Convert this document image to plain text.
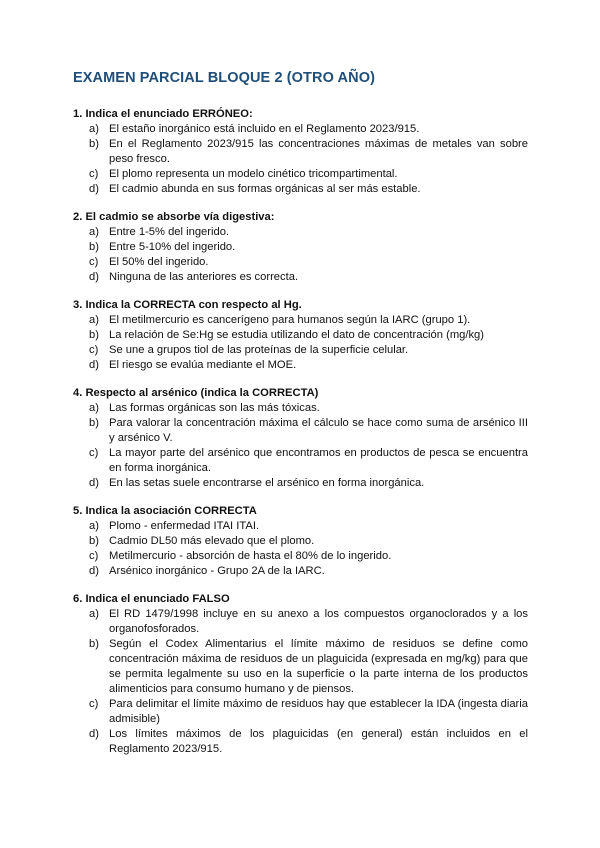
EXAMEN PARCIAL BLOQUE 2 (OTRO AÑO)
1. Indica el enunciado ERRÓNEO:
a) El estaño inorgánico está incluido en el Reglamento 2023/915.
b) En el Reglamento 2023/915 las concentraciones máximas de metales van sobre peso fresco.
c) El plomo representa un modelo cinético tricompartimental.
d) El cadmio abunda en sus formas orgánicas al ser más estable.
2. El cadmio se absorbe vía digestiva:
a) Entre 1-5% del ingerido.
b) Entre 5-10% del ingerido.
c) El 50% del ingerido.
d) Ninguna de las anteriores es correcta.
3. Indica la CORRECTA con respecto al Hg.
a) El metilmercurio es cancerígeno para humanos según la IARC (grupo 1).
b) La relación de Se:Hg se estudia utilizando el dato de concentración (mg/kg)
c) Se une a grupos tiol de las proteínas de la superficie celular.
d) El riesgo se evalúa mediante el MOE.
4. Respecto al arsénico (indica la CORRECTA)
a) Las formas orgánicas son las más tóxicas.
b) Para valorar la concentración máxima el cálculo se hace como suma de arsénico III y arsénico V.
c) La mayor parte del arsénico que encontramos en productos de pesca se encuentra en forma inorgánica.
d) En las setas suele encontrarse el arsénico en forma inorgánica.
5. Indica la asociación CORRECTA
a) Plomo - enfermedad ITAI ITAI.
b) Cadmio DL50 más elevado que el plomo.
c) Metilmercurio - absorción de hasta el 80% de lo ingerido.
d) Arsénico inorgánico - Grupo 2A de la IARC.
6. Indica el enunciado FALSO
a) El RD 1479/1998 incluye en su anexo a los compuestos organoclorados y a los organofosforados.
b) Según el Codex Alimentarius el límite máximo de residuos se define como concentración máxima de residuos de un plaguicida (expresada en mg/kg) para que se permita legalmente su uso en la superficie o la parte interna de los productos alimenticios para consumo humano y de piensos.
c) Para delimitar el límite máximo de residuos hay que establecer la IDA (ingesta diaria admisible)
d) Los límites máximos de los plaguicidas (en general) están incluidos en el Reglamento 2023/915.
